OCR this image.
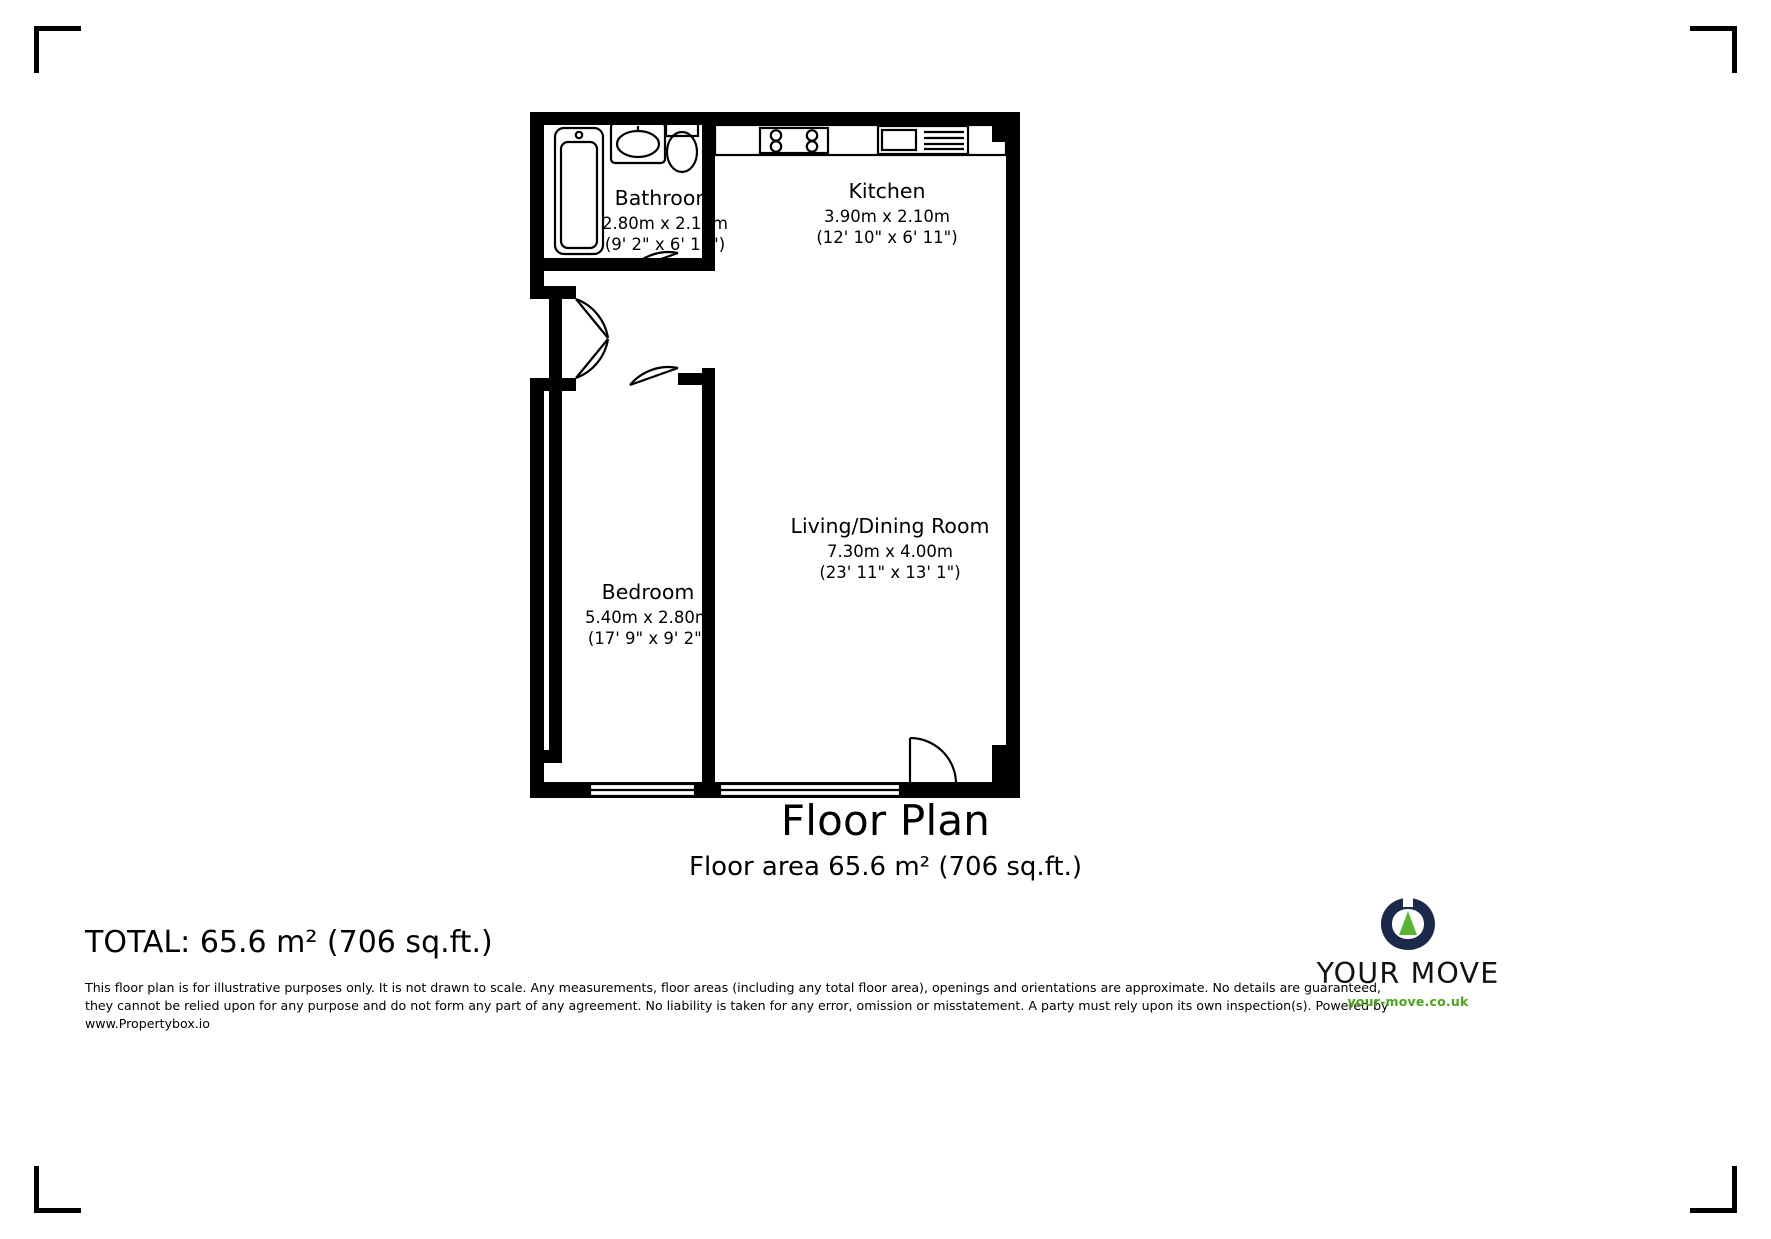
Bathroom
2.80m x 2.10m
(9' 2" x 6' 11")
Kitchen
3.90m x 2.10m
(12' 10" x 6' 11")
Living/Dining Room
7.30m x 4.00m
(23' 11" x 13' 1")
Bedroom
5.40m x 2.80m
(17' 9" x 9' 2")
Floor Plan
Floor area 65.6 m² (706 sq.ft.)
TOTAL: 65.6 m² (706 sq.ft.)
This floor plan is for illustrative purposes only. It is not drawn to scale. Any measurements, floor areas (including any total floor area), openings and orientations are approximate. No details are guaranteed, they cannot be relied upon for any purpose and do not form any part of any agreement. No liability is taken for any error, omission or misstatement. A party must rely upon its own inspection(s). Powered by www.Propertybox.io
YOUR MOVE
your-move.co.uk
